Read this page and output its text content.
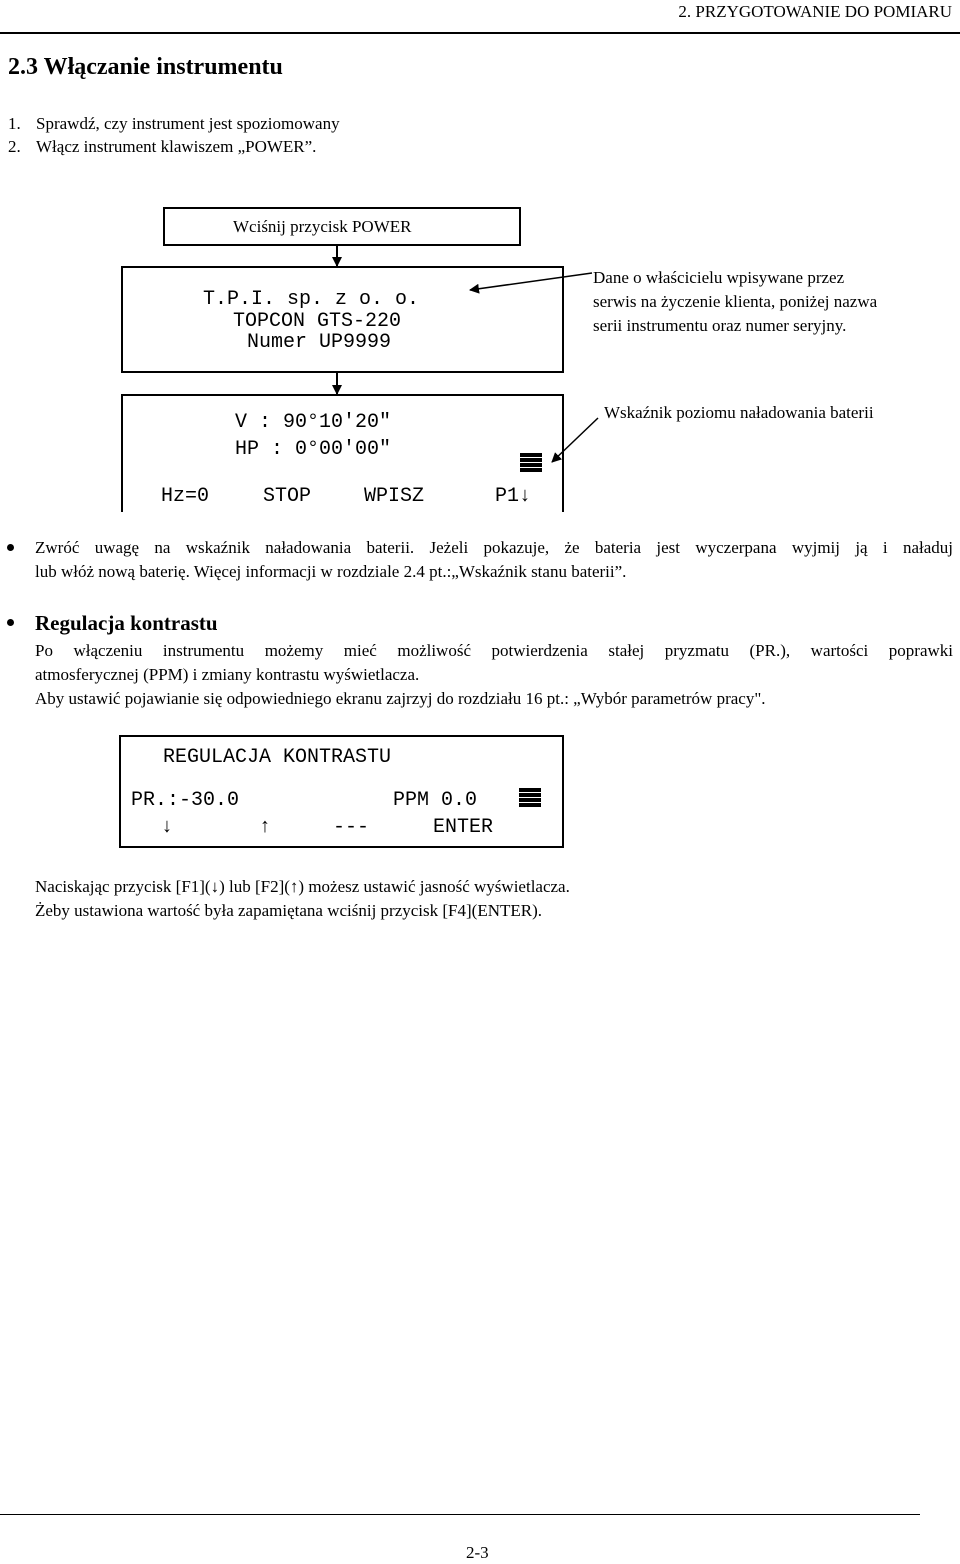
2. PRZYGOTOWANIE DO POMIARU
2.3 Włączanie instrumentu
1. Sprawdź, czy instrument jest spoziomowany
2. Włącz instrument klawiszem „POWER”.
Wciśnij przycisk POWER
T.P.I. sp. z o. o.
TOPCON GTS-220
Numer UP9999
Dane o właścicielu wpisywane przez
serwis na życzenie klienta, poniżej nazwa
serii instrumentu oraz numer seryjny.
V : 90°10'20"
HP : 0°00'00"
Hz=0	STOP	WPISZ	P1↓
Wskaźnik poziomu naładowania baterii
Zwróć uwagę na wskaźnik naładowania baterii. Jeżeli pokazuje, że bateria jest wyczerpana wyjmij ją i naładuj
lub włóż nową baterię. Więcej informacji w rozdziale 2.4 pt.:„Wskaźnik stanu baterii”.
Regulacja kontrastu
Po włączeniu instrumentu możemy mieć możliwość potwierdzenia stałej pryzmatu (PR.), wartości poprawki
atmosferycznej (PPM) i zmiany kontrastu wyświetlacza.
Aby ustawić pojawianie się odpowiedniego ekranu zajrzyj do rozdziału 16 pt.: „Wybór parametrów pracy".
REGULACJA KONTRASTU
PR.:-30.0	PPM 0.0
↓	↑	---	ENTER
Naciskając przycisk [F1](↓) lub [F2](↑) możesz ustawić jasność wyświetlacza.
Żeby ustawiona wartość była zapamiętana wciśnij przycisk [F4](ENTER).
2-3
